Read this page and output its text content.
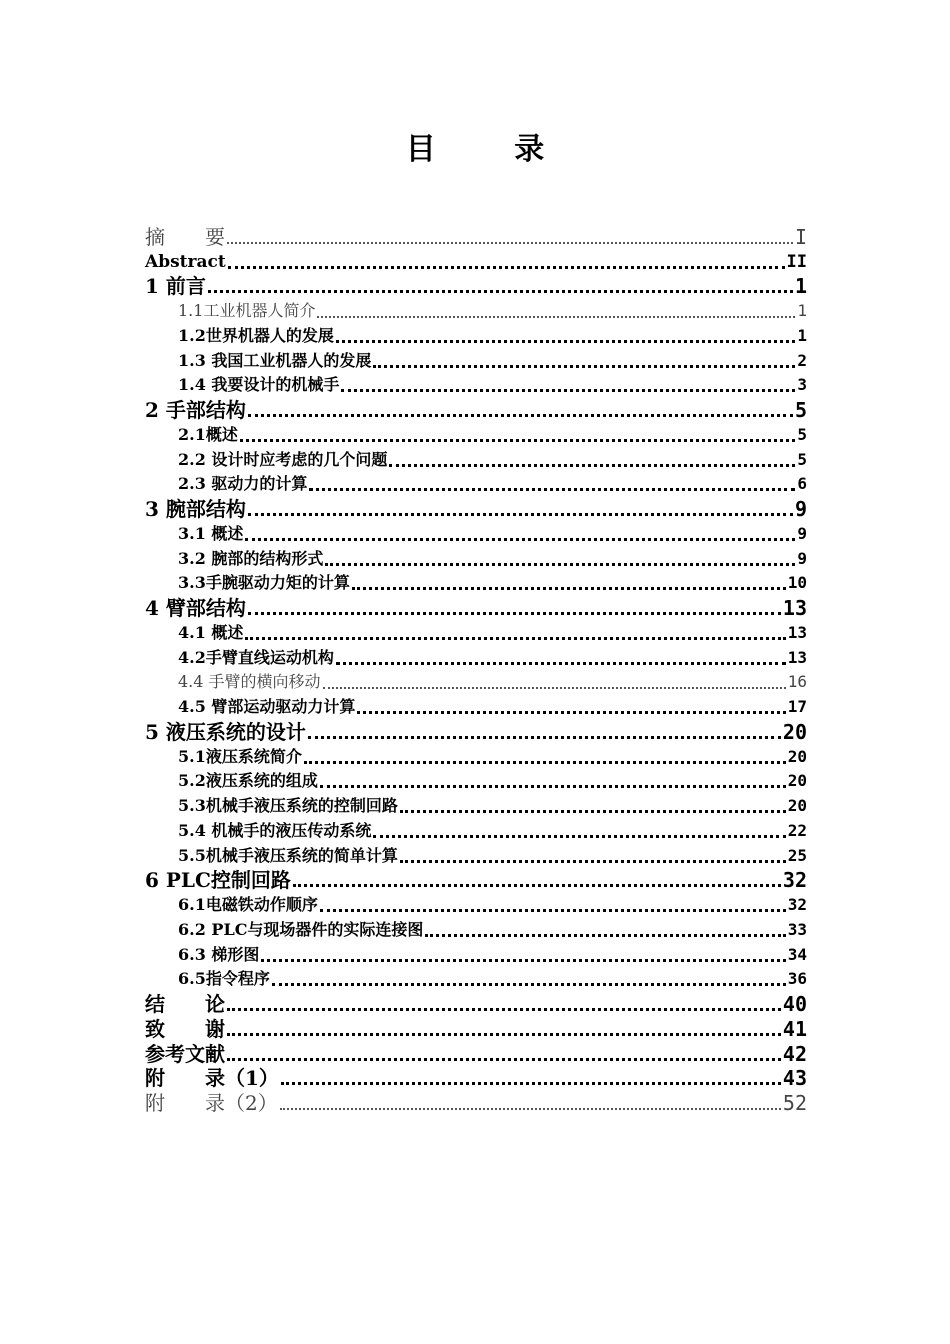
目 录
摘　　要	I
Abstract	II
1 前言	1
1.1工业机器人简介	1
1.2世界机器人的发展	1
1.3 我国工业机器人的发展	2
1.4 我要设计的机械手	3
2 手部结构	5
2.1概述	5
2.2 设计时应考虑的几个问题	5
2.3 驱动力的计算	6
3 腕部结构	9
3.1 概述	9
3.2 腕部的结构形式	9
3.3手腕驱动力矩的计算	10
4 臂部结构	13
4.1 概述	13
4.2手臂直线运动机构	13
4.4 手臂的横向移动	16
4.5 臂部运动驱动力计算	17
5 液压系统的设计	20
5.1液压系统简介	20
5.2液压系统的组成	20
5.3机械手液压系统的控制回路	20
5.4 机械手的液压传动系统	22
5.5机械手液压系统的简单计算	25
6 PLC控制回路	32
6.1电磁铁动作顺序	32
6.2 PLC与现场器件的实际连接图	33
6.3 梯形图	34
6.5指令程序	36
结　　论	40
致　　谢	41
参考文献	42
附　　录（1）	43
附　　录（2）	52
